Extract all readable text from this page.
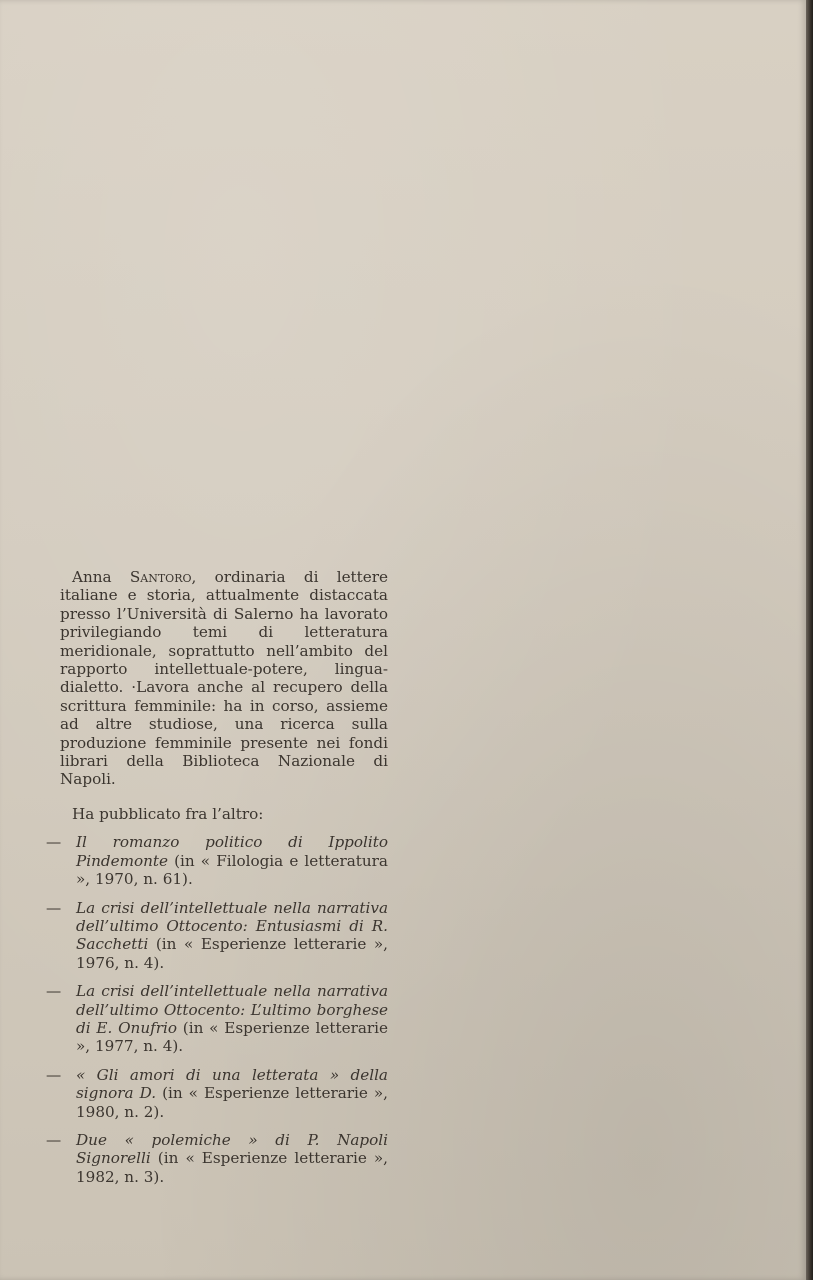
Anna Santoro, ordinaria di lettere italiane e storia, attualmente distaccata presso l’Università di Salerno ha lavorato privilegiando temi di letteratura meridionale, soprattutto nell’ambito del rapporto intellettuale-potere, lingua-dialetto. ·Lavora anche al recupero della scrittura femminile: ha in corso, assieme ad altre studiose, una ricerca sulla produzione femminile presente nei fondi librari della Biblioteca Nazionale di Napoli.

Ha pubblicato fra l’altro:

— Il romanzo politico di Ippolito Pindemonte (in « Filologia e letteratura », 1970, n. 61).
— La crisi dell’intellettuale nella narrativa dell’ultimo Ottocento: Entusiasmi di R. Sacchetti (in « Esperienze letterarie », 1976, n. 4).
— La crisi dell’intellettuale nella narrativa dell’ultimo Ottocento: L’ultimo borghese di E. Onufrio (in « Esperienze letterarie », 1977, n. 4).
— « Gli amori di una letterata » della signora D. (in « Esperienze letterarie », 1980, n. 2).
— Due « polemiche » di P. Napoli Signorelli (in « Esperienze letterarie », 1982, n. 3).
